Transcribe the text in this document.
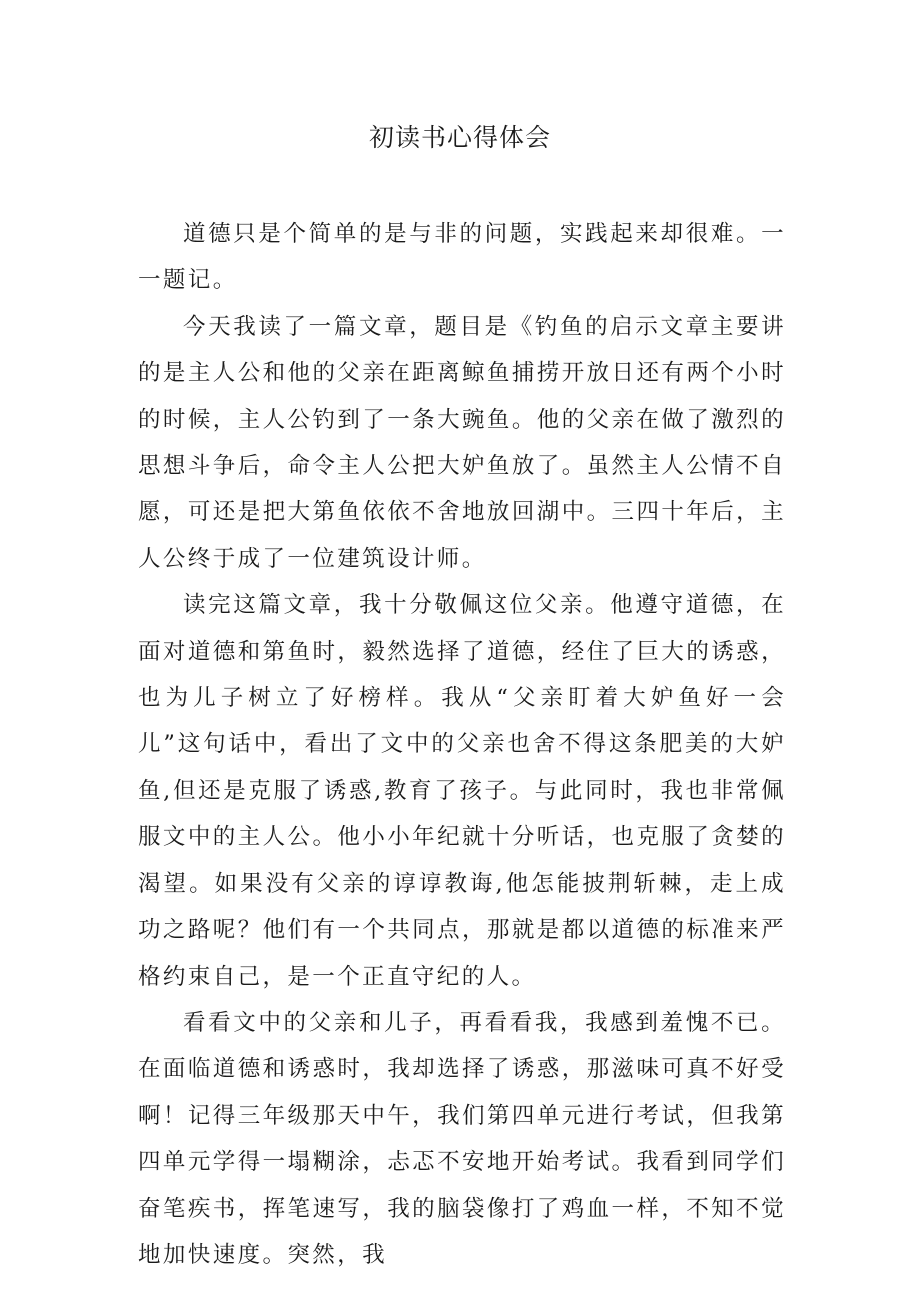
初读书心得体会

道德只是个简单的是与非的问题，实践起来却很难。一一题记。

今天我读了一篇文章，题目是《钓鱼的启示文章主要讲的是主人公和他的父亲在距离鲸鱼捕捞开放日还有两个小时的时候，主人公钓到了一条大豌鱼。他的父亲在做了激烈的思想斗争后，命令主人公把大妒鱼放了。虽然主人公情不自愿，可还是把大第鱼依依不舍地放回湖中。三四十年后，主人公终于成了一位建筑设计师。

读完这篇文章，我十分敬佩这位父亲。他遵守道德，在面对道德和第鱼时，毅然选择了道德，经住了巨大的诱惑，也为儿子树立了好榜样。我从“父亲盯着大妒鱼好一会儿”这句话中，看出了文中的父亲也舍不得这条肥美的大妒鱼,但还是克服了诱惑,教育了孩子。与此同时，我也非常佩服文中的主人公。他小小年纪就十分听话，也克服了贪婪的渴望。如果没有父亲的谆谆教诲,他怎能披荆斩棘，走上成功之路呢？他们有一个共同点，那就是都以道德的标准来严格约束自己，是一个正直守纪的人。

看看文中的父亲和儿子，再看看我，我感到羞愧不已。在面临道德和诱惑时，我却选择了诱惑，那滋味可真不好受啊！记得三年级那天中午，我们第四单元进行考试，但我第四单元学得一塌糊涂，忐忑不安地开始考试。我看到同学们奋笔疾书，挥笔速写，我的脑袋像打了鸡血一样，不知不觉地加快速度。突然，我
